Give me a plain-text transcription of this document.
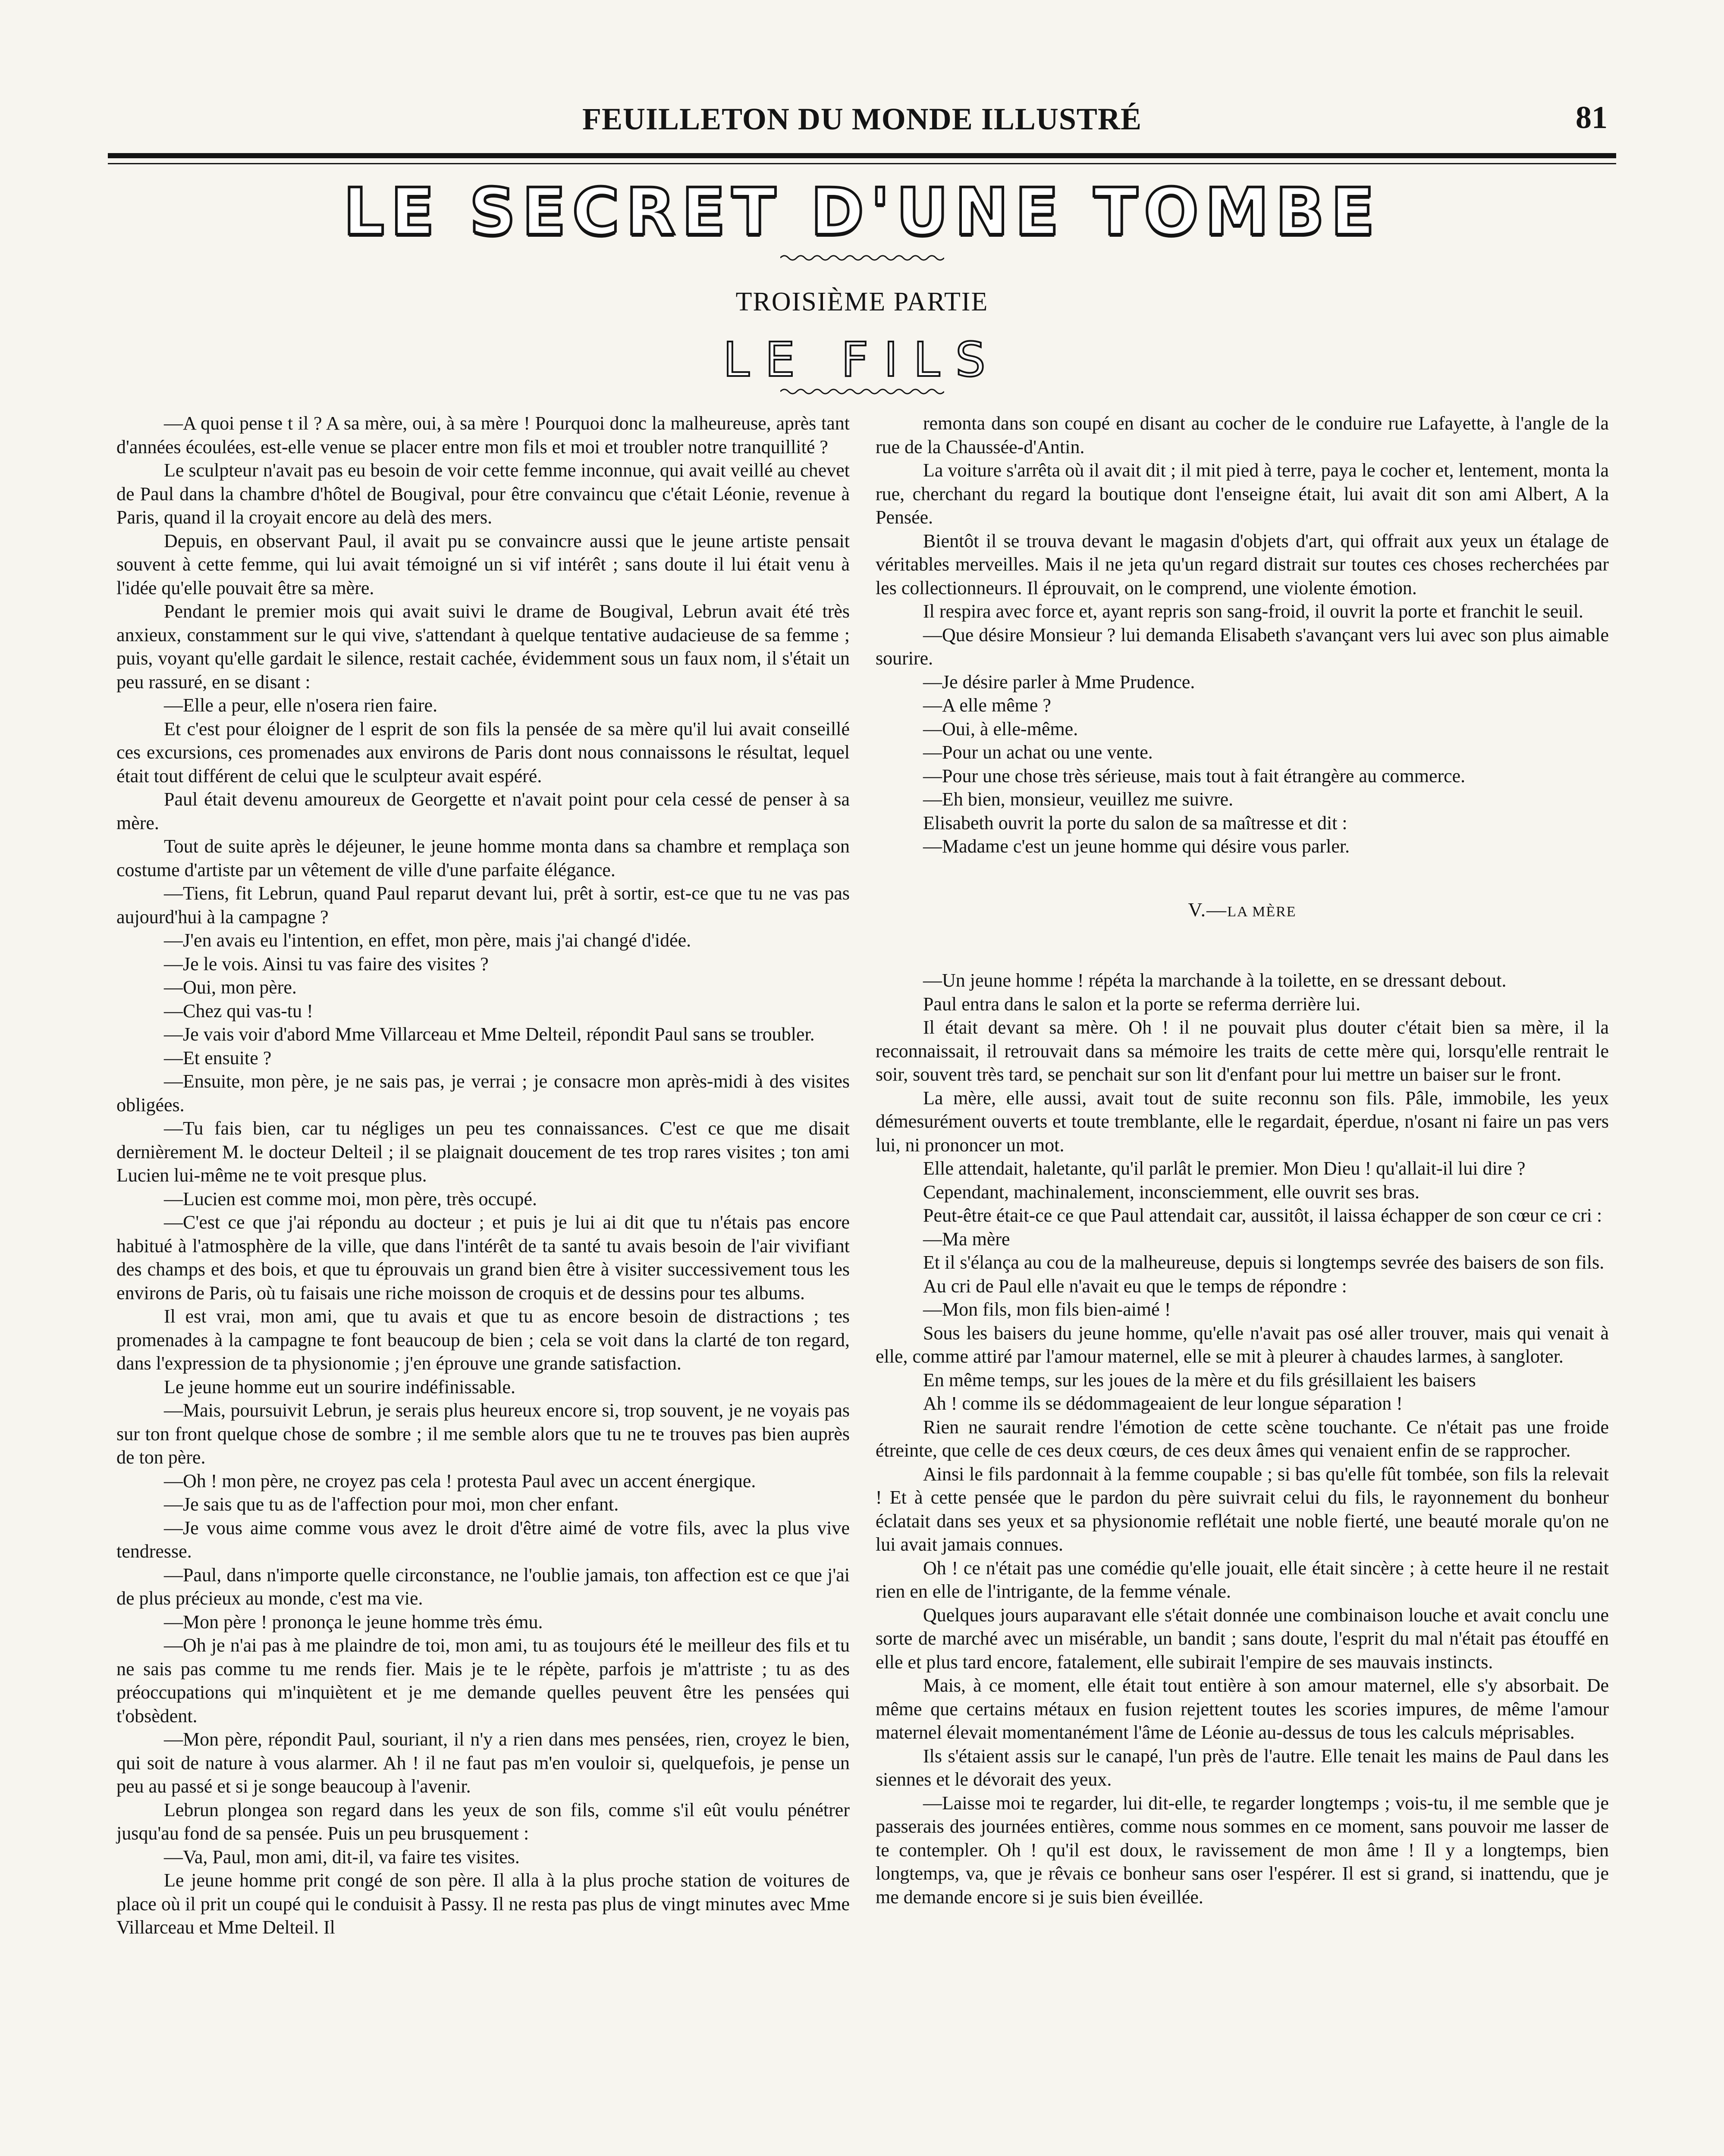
FEUILLETON DU MONDE ILLUSTRÉ	81
LE SECRET D'UNE TOMBE
TROISIÈME PARTIE
LE FILS

—A quoi pense t il ? A sa mère, oui, à sa mère ! Pourquoi donc la malheureuse, après tant d'années écoulées, est-elle venue se placer entre mon fils et moi et troubler notre tranquillité ?

Le sculpteur n'avait pas eu besoin de voir cette femme inconnue, qui avait veillé au chevet de Paul dans la chambre d'hôtel de Bougival, pour être convaincu que c'était Léonie, revenue à Paris, quand il la croyait encore au delà des mers.

Depuis, en observant Paul, il avait pu se convaincre aussi que le jeune artiste pensait souvent à cette femme, qui lui avait témoigné un si vif intérêt ; sans doute il lui était venu à l'idée qu'elle pouvait être sa mère.

Pendant le premier mois qui avait suivi le drame de Bougival, Lebrun avait été très anxieux, constamment sur le qui vive, s'attendant à quelque tentative audacieuse de sa femme ; puis, voyant qu'elle gardait le silence, restait cachée, évidemment sous un faux nom, il s'était un peu rassuré, en se disant :

—Elle a peur, elle n'osera rien faire.

Et c'est pour éloigner de l esprit de son fils la pensée de sa mère qu'il lui avait conseillé ces excursions, ces promenades aux environs de Paris dont nous connaissons le résultat, lequel était tout différent de celui que le sculpteur avait espéré.

Paul était devenu amoureux de Georgette et n'avait point pour cela cessé de penser à sa mère.

Tout de suite après le déjeuner, le jeune homme monta dans sa chambre et remplaça son costume d'artiste par un vêtement de ville d'une parfaite élégance.

—Tiens, fit Lebrun, quand Paul reparut devant lui, prêt à sortir, est-ce que tu ne vas pas aujourd'hui à la campagne ?

—J'en avais eu l'intention, en effet, mon père, mais j'ai changé d'idée.

—Je le vois. Ainsi tu vas faire des visites ?

—Oui, mon père.

—Chez qui vas-tu !

—Je vais voir d'abord Mme Villarceau et Mme Delteil, répondit Paul sans se troubler.

—Et ensuite ?

—Ensuite, mon père, je ne sais pas, je verrai ; je consacre mon après-midi à des visites obligées.

—Tu fais bien, car tu négliges un peu tes connaissances. C'est ce que me disait dernièrement M. le docteur Delteil ; il se plaignait doucement de tes trop rares visites ; ton ami Lucien lui-même ne te voit presque plus.

—Lucien est comme moi, mon père, très occupé.

—C'est ce que j'ai répondu au docteur ; et puis je lui ai dit que tu n'étais pas encore habitué à l'atmosphère de la ville, que dans l'intérêt de ta santé tu avais besoin de l'air vivifiant des champs et des bois, et que tu éprouvais un grand bien être à visiter successivement tous les environs de Paris, où tu faisais une riche moisson de croquis et de dessins pour tes albums.

Il est vrai, mon ami, que tu avais et que tu as encore besoin de distractions ; tes promenades à la campagne te font beaucoup de bien ; cela se voit dans la clarté de ton regard, dans l'expression de ta physionomie ; j'en éprouve une grande satisfaction.

Le jeune homme eut un sourire indéfinissable.

—Mais, poursuivit Lebrun, je serais plus heureux encore si, trop souvent, je ne voyais pas sur ton front quelque chose de sombre ; il me semble alors que tu ne te trouves pas bien auprès de ton père.

—Oh ! mon père, ne croyez pas cela ! protesta Paul avec un accent énergique.

—Je sais que tu as de l'affection pour moi, mon cher enfant.

—Je vous aime comme vous avez le droit d'être aimé de votre fils, avec la plus vive tendresse.

—Paul, dans n'importe quelle circonstance, ne l'oublie jamais, ton affection est ce que j'ai de plus précieux au monde, c'est ma vie.

—Mon père ! prononça le jeune homme très ému.

—Oh je n'ai pas à me plaindre de toi, mon ami, tu as toujours été le meilleur des fils et tu ne sais pas comme tu me rends fier. Mais je te le répète, parfois je m'attriste ; tu as des préoccupations qui m'inquiètent et je me demande quelles peuvent être les pensées qui t'obsèdent.

—Mon père, répondit Paul, souriant, il n'y a rien dans mes pensées, rien, croyez le bien, qui soit de nature à vous alarmer. Ah ! il ne faut pas m'en vouloir si, quelquefois, je pense un peu au passé et si je songe beaucoup à l'avenir.

Lebrun plongea son regard dans les yeux de son fils, comme s'il eût voulu pénétrer jusqu'au fond de sa pensée. Puis un peu brusquement :

—Va, Paul, mon ami, dit-il, va faire tes visites.

Le jeune homme prit congé de son père. Il alla à la plus proche station de voitures de place où il prit un coupé qui le conduisit à Passy. Il ne resta pas plus de vingt minutes avec Mme Villarceau et Mme Delteil. Il

remonta dans son coupé en disant au cocher de le conduire rue Lafayette, à l'angle de la rue de la Chaussée-d'Antin.

La voiture s'arrêta où il avait dit ; il mit pied à terre, paya le cocher et, lentement, monta la rue, cherchant du regard la boutique dont l'enseigne était, lui avait dit son ami Albert, A la Pensée.

Bientôt il se trouva devant le magasin d'objets d'art, qui offrait aux yeux un étalage de véritables merveilles. Mais il ne jeta qu'un regard distrait sur toutes ces choses recherchées par les collectionneurs. Il éprouvait, on le comprend, une violente émotion.

Il respira avec force et, ayant repris son sang-froid, il ouvrit la porte et franchit le seuil.

—Que désire Monsieur ? lui demanda Elisabeth s'avançant vers lui avec son plus aimable sourire.

—Je désire parler à Mme Prudence.

—A elle même ?

—Oui, à elle-même.

—Pour un achat ou une vente.

—Pour une chose très sérieuse, mais tout à fait étrangère au commerce.

—Eh bien, monsieur, veuillez me suivre.

Elisabeth ouvrit la porte du salon de sa maîtresse et dit :

—Madame c'est un jeune homme qui désire vous parler.

V.—LA MÈRE

—Un jeune homme ! répéta la marchande à la toilette, en se dressant debout.

Paul entra dans le salon et la porte se referma derrière lui.

Il était devant sa mère. Oh ! il ne pouvait plus douter c'était bien sa mère, il la reconnaissait, il retrouvait dans sa mémoire les traits de cette mère qui, lorsqu'elle rentrait le soir, souvent très tard, se penchait sur son lit d'enfant pour lui mettre un baiser sur le front.

La mère, elle aussi, avait tout de suite reconnu son fils. Pâle, immobile, les yeux démesurément ouverts et toute tremblante, elle le regardait, éperdue, n'osant ni faire un pas vers lui, ni prononcer un mot.

Elle attendait, haletante, qu'il parlât le premier. Mon Dieu ! qu'allait-il lui dire ?

Cependant, machinalement, inconsciemment, elle ouvrit ses bras.

Peut-être était-ce ce que Paul attendait car, aussitôt, il laissa échapper de son cœur ce cri :

—Ma mère

Et il s'élança au cou de la malheureuse, depuis si longtemps sevrée des baisers de son fils.

Au cri de Paul elle n'avait eu que le temps de répondre :

—Mon fils, mon fils bien-aimé !

Sous les baisers du jeune homme, qu'elle n'avait pas osé aller trouver, mais qui venait à elle, comme attiré par l'amour maternel, elle se mit à pleurer à chaudes larmes, à sangloter.

En même temps, sur les joues de la mère et du fils grésillaient les baisers

Ah ! comme ils se dédommageaient de leur longue séparation !

Rien ne saurait rendre l'émotion de cette scène touchante. Ce n'était pas une froide étreinte, que celle de ces deux cœurs, de ces deux âmes qui venaient enfin de se rapprocher.

Ainsi le fils pardonnait à la femme coupable ; si bas qu'elle fût tombée, son fils la relevait ! Et à cette pensée que le pardon du père suivrait celui du fils, le rayonnement du bonheur éclatait dans ses yeux et sa physionomie reflétait une noble fierté, une beauté morale qu'on ne lui avait jamais connues.

Oh ! ce n'était pas une comédie qu'elle jouait, elle était sincère ; à cette heure il ne restait rien en elle de l'intrigante, de la femme vénale.

Quelques jours auparavant elle s'était donnée une combinaison louche et avait conclu une sorte de marché avec un misérable, un bandit ; sans doute, l'esprit du mal n'était pas étouffé en elle et plus tard encore, fatalement, elle subirait l'empire de ses mauvais instincts.

Mais, à ce moment, elle était tout entière à son amour maternel, elle s'y absorbait. De même que certains métaux en fusion rejettent toutes les scories impures, de même l'amour maternel élevait momentanément l'âme de Léonie au-dessus de tous les calculs méprisables.

Ils s'étaient assis sur le canapé, l'un près de l'autre. Elle tenait les mains de Paul dans les siennes et le dévorait des yeux.

—Laisse moi te regarder, lui dit-elle, te regarder longtemps ; vois-tu, il me semble que je passerais des journées entières, comme nous sommes en ce moment, sans pouvoir me lasser de te contempler. Oh ! qu'il est doux, le ravissement de mon âme ! Il y a longtemps, bien longtemps, va, que je rêvais ce bonheur sans oser l'espérer. Il est si grand, si inattendu, que je me demande encore si je suis bien éveillée.
